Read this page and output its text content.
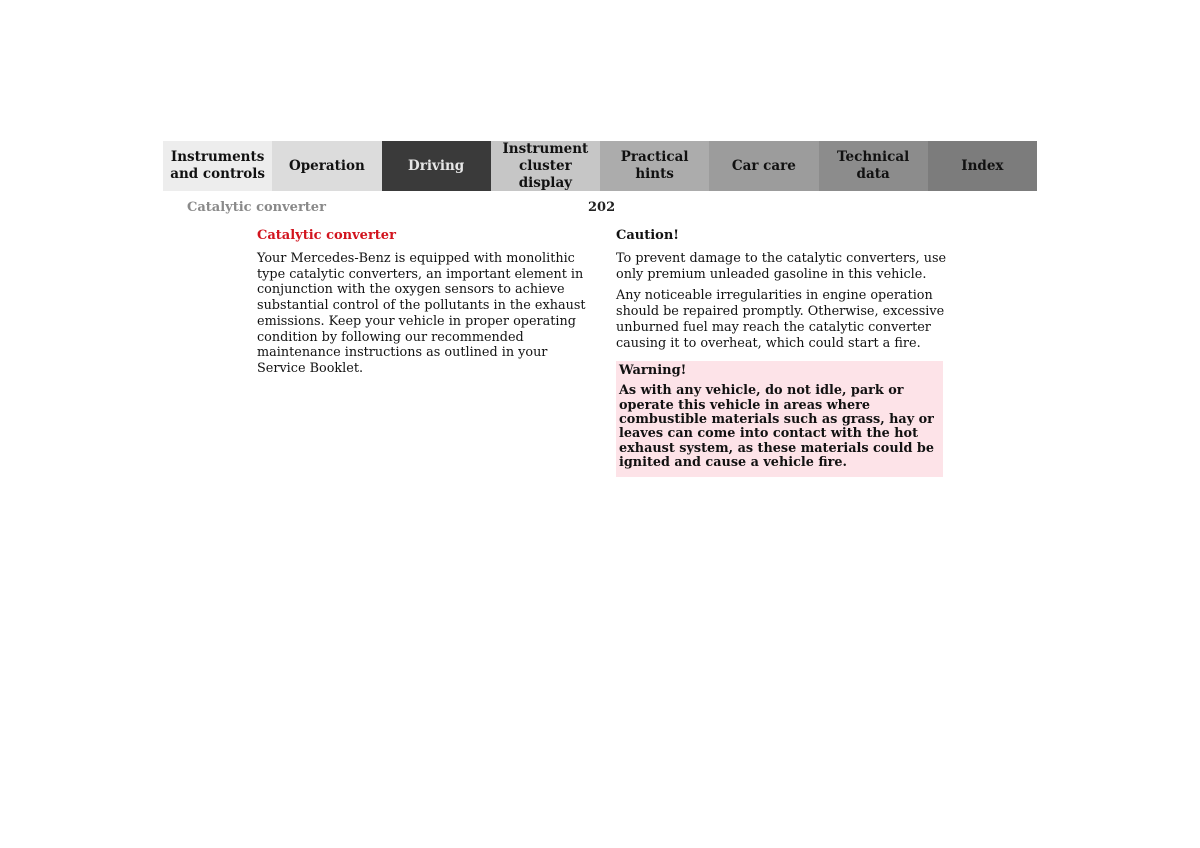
Instruments
and controls
Operation	Driving
Instrument
cluster display
Practical hints
Car care
Technical
data
Index
Catalytic converter	202
Catalytic converter

Your Mercedes-Benz is equipped with monolithic type catalytic converters, an important element in conjunction with the oxygen sensors to achieve substantial control of the pollutants in the exhaust emissions. Keep your vehicle in proper operating condition by following our recommended maintenance instructions as outlined in your Service Booklet.

Caution!

To prevent damage to the catalytic converters, use only premium unleaded gasoline in this vehicle.

Any noticeable irregularities in engine operation should be repaired promptly. Otherwise, excessive unburned fuel may reach the catalytic converter causing it to overheat, which could start a fire.

Warning!

As with any vehicle, do not idle, park or operate this vehicle in areas where combustible materials such as grass, hay or leaves can come into contact with the hot exhaust system, as these materials could be ignited and cause a vehicle fire.
